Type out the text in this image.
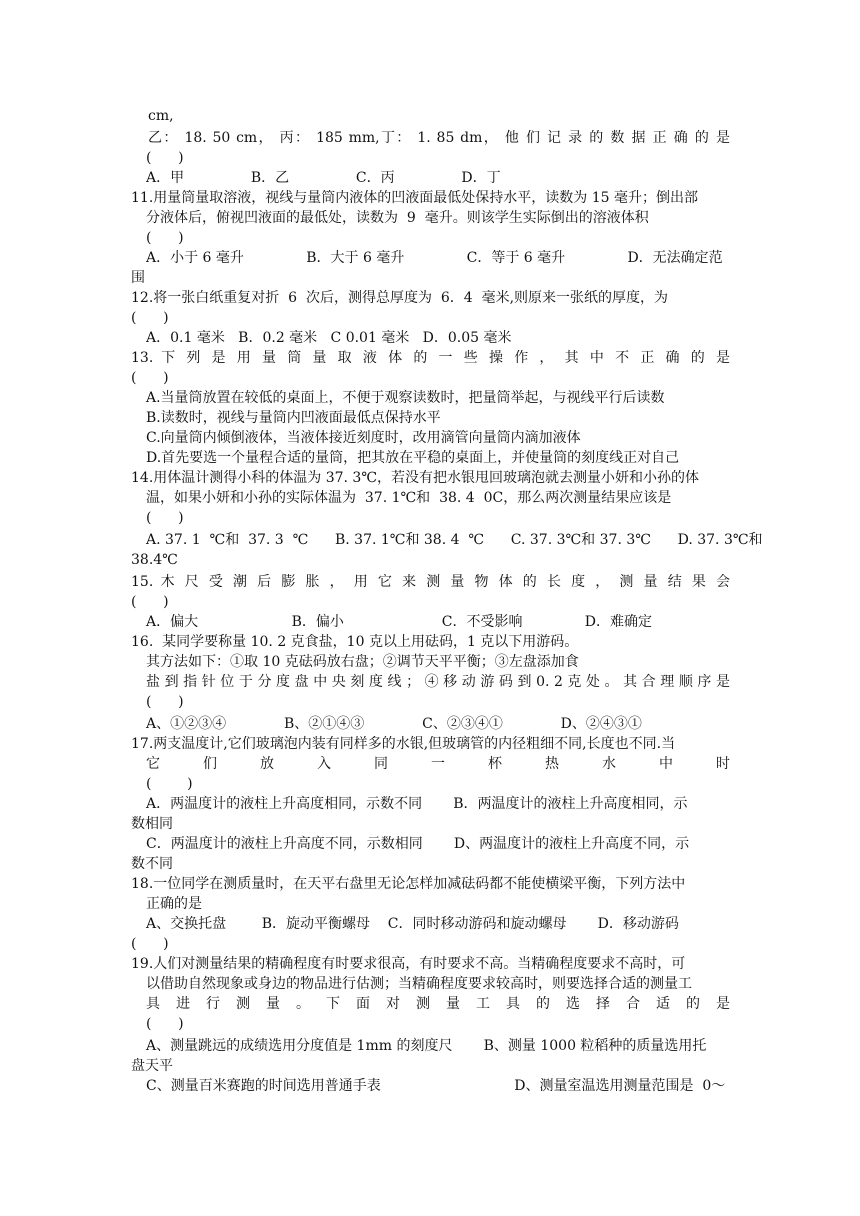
cm,
乙： 18. 50 cm， 丙： 185 mm,丁： 1. 85 dm， 他 们 记 录 的 数 据 正 确 的 是
(      )
A．甲               B．乙               C．丙               D．丁
11.用量筒量取溶液，视线与量筒内液体的凹液面最低处保持水平，读数为 15 毫升；倒出部
分液体后，俯视凹液面的最低处，读数为  9  毫升。则该学生实际倒出的溶液体积
(      )
A．小于 6 毫升              B．大于 6 毫升              C．等于 6 毫升              D．无法确定范
围
12.将一张白纸重复对折  6  次后，测得总厚度为  6．4  毫米,则原来一张纸的厚度，为
(      )
A．0.1 毫米   B．0.2 毫米   C 0.01 毫米   D．0.05 毫米
13. 下 列 是 用 量 筒 量 取 液 体 的 一 些 操 作 ， 其 中 不 正 确 的 是
(      )
A.当量筒放置在较低的桌面上，不便于观察读数时，把量筒举起，与视线平行后读数
B.读数时，视线与量筒内凹液面最低点保持水平
C.向量筒内倾倒液体，当液体接近刻度时，改用滴管向量筒内滴加液体
D.首先要选一个量程合适的量筒，把其放在平稳的桌面上，并使量筒的刻度线正对自己
14.用体温计测得小科的体温为 37. 3℃，若没有把水银甩回玻璃泡就去测量小妍和小孙的体
温，如果小妍和小孙的实际体温为  37. 1℃和  38. 4  0C，那么两次测量结果应该是
(      )
A. 37. 1  ℃和  37. 3  ℃      B. 37. 1℃和 38. 4  ℃      C. 37. 3℃和 37. 3℃      D. 37. 3℃和
38.4℃
15. 木 尺 受 潮 后 膨 胀 ， 用 它 来 测 量 物 体 的 长 度 ， 测 量 结 果 会
(      )
A．偏大                     B．偏小                      C．不受影响              D．难确定
16.  某同学要称量 10. 2 克食盐，10 克以上用砝码，1 克以下用游码。
其方法如下：①取 10 克砝码放右盘；②调节天平平衡；③左盘添加食
盐 到 指 针 位 于 分 度 盘 中 央 刻 度 线 ； ④ 移 动 游 码 到 0. 2 克 处 。 其 合 理 顺 序 是
(      )
A、①②③④             B、②①④③             C、②③④①             D、②④③①
17.两支温度计,它们玻璃泡内装有同样多的水银,但玻璃管的内径粗细不同,长度也不同.当
它 们 放 入 同 一 杯 热 水 中 时
(        )
A．两温度计的液柱上升高度相同，示数不同       B．两温度计的液柱上升高度相同，示
数相同
C．两温度计的液柱上升高度不同，示数相同       D、两温度计的液柱上升高度不同，示
数不同
18.一位同学在测质量时，在天平右盘里无论怎样加减砝码都不能使横梁平衡，下列方法中
正确的是
A、交换托盘        B．旋动平衡螺母    C．同时移动游码和旋动螺母       D．移动游码
(      )
19.人们对测量结果的精确程度有时要求很高，有时要求不高。当精确程度要求不高时，可
以借助自然现象或身边的物品进行估测；当精确程度要求较高时，则要选择合适的测量工
具 进 行 测 量 。 下 面 对 测 量 工 具 的 选 择 合 适 的 是
(      )
A、测量跳远的成绩选用分度值是 1mm 的刻度尺       B、测量 1000 粒稻种的质量选用托
盘天平
C、测量百米赛跑的时间选用普通手表                              D、测量室温选用测量范围是  0～
